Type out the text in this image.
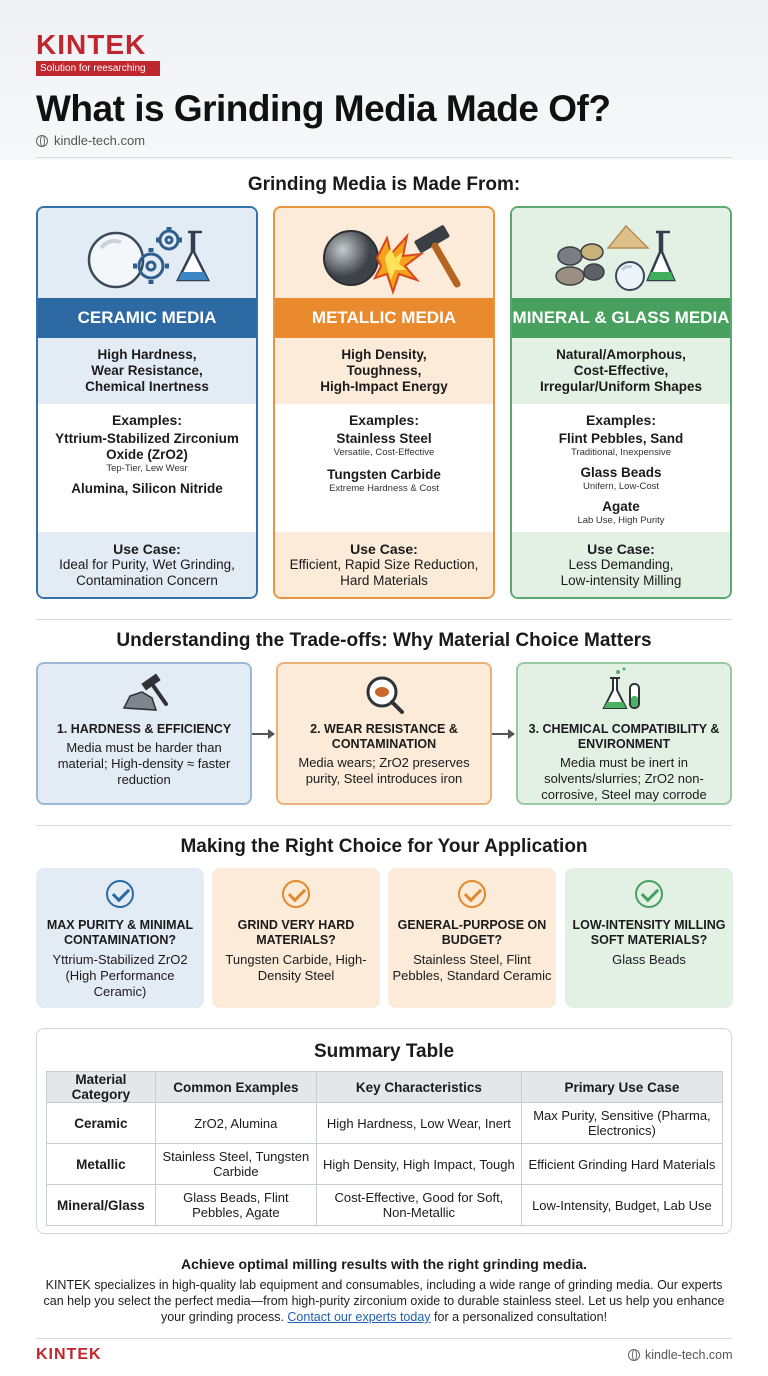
KINTEK
Solution for reesarching
What is Grinding Media Made Of?
kindle-tech.com
Grinding Media is Made From:
CERAMIC MEDIA
High Hardness,
Wear Resistance,
Chemical Inertness
Examples:
Yttrium-Stabilized Zirconium Oxide (ZrO2)
Tep-Tier, Lew Wesr
Alumina, Silicon Nitride
Use Case:
Ideal for Purity, Wet Grinding,
Contamination Concern
METALLIC MEDIA
High Density,
Toughness,
High-Impact Energy
Examples:
Stainless Steel
Versatile, Cost-Effective
Tungsten Carbide
Extreme Hardness & Cost
Use Case:
Efficient, Rapid Size Reduction,
Hard Materials
MINERAL & GLASS MEDIA
Natural/Amorphous,
Cost-Effective,
Irregular/Uniform Shapes
Examples:
Flint Pebbles, Sand
Traditional, Inexpensive
Glass Beads
Unifern, Low-Cost
Agate
Lab Use, High Purity
Use Case:
Less Demanding,
Low-intensity Milling
Understanding the Trade-offs: Why Material Choice Matters
1. HARDNESS & EFFICIENCY
Media must be harder than material; High-density ≈ faster reduction
2. WEAR RESISTANCE & CONTAMINATION
Media wears; ZrO2 preserves purity, Steel introduces iron
3. CHEMICAL COMPATIBILITY & ENVIRONMENT
Media must be inert in solvents/slurries; ZrO2 non-corrosive, Steel may corrode
Making the Right Choice for Your Application
MAX PURITY & MINIMAL CONTAMINATION?
Yttrium-Stabilized ZrO2 (High Performance Ceramic)
GRIND VERY HARD MATERIALS?
Tungsten Carbide, High-Density Steel
GENERAL-PURPOSE ON BUDGET?
Stainless Steel, Flint Pebbles, Standard Ceramic
LOW-INTENSITY MILLING SOFT MATERIALS?
Glass Beads
Summary Table
Material Category	Common Examples	Key Characteristics	Primary Use Case
Ceramic	ZrO2, Alumina	High Hardness, Low Wear, Inert	Max Purity, Sensitive (Pharma, Electronics)
Metallic	Stainless Steel, Tungsten Carbide	High Density, High Impact, Tough	Efficient Grinding Hard Materials
Mineral/Glass	Glass Beads, Flint Pebbles, Agate	Cost-Effective, Good for Soft, Non-Metallic	Low-Intensity, Budget, Lab Use
Achieve optimal milling results with the right grinding media.
KINTEK specializes in high-quality lab equipment and consumables, including a wide range of grinding media. Our experts can help you select the perfect media—from high-purity zirconium oxide to durable stainless steel. Let us help you enhance your grinding process. Contact our experts today for a personalized consultation!
KINTEK	kindle-tech.com
